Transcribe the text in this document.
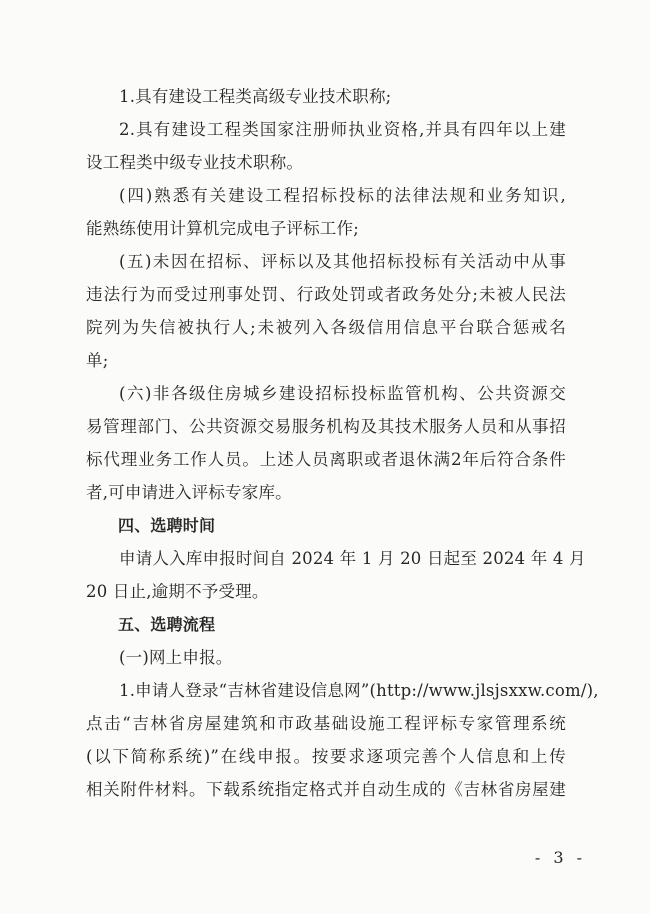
1.具有建设工程类高级专业技术职称;
2.具有建设工程类国家注册师执业资格,并具有四年以上建
设工程类中级专业技术职称。
(四)熟悉有关建设工程招标投标的法律法规和业务知识,
能熟练使用计算机完成电子评标工作;
(五)未因在招标、评标以及其他招标投标有关活动中从事
违法行为而受过刑事处罚、行政处罚或者政务处分;未被人民法
院列为失信被执行人;未被列入各级信用信息平台联合惩戒名
单;
(六)非各级住房城乡建设招标投标监管机构、公共资源交
易管理部门、公共资源交易服务机构及其技术服务人员和从事招
标代理业务工作人员。上述人员离职或者退休满2年后符合条件
者,可申请进入评标专家库。
四、选聘时间
申请人入库申报时间自 2024 年 1 月 20 日起至 2024 年 4 月
20 日止,逾期不予受理。
五、选聘流程
(一)网上申报。
1.申请人登录“吉林省建设信息网”(http://www.jlsjsxxw.com/),
点击“吉林省房屋建筑和市政基础设施工程评标专家管理系统
(以下简称系统)”在线申报。按要求逐项完善个人信息和上传
相关附件材料。下载系统指定格式并自动生成的《吉林省房屋建
- 3 -
